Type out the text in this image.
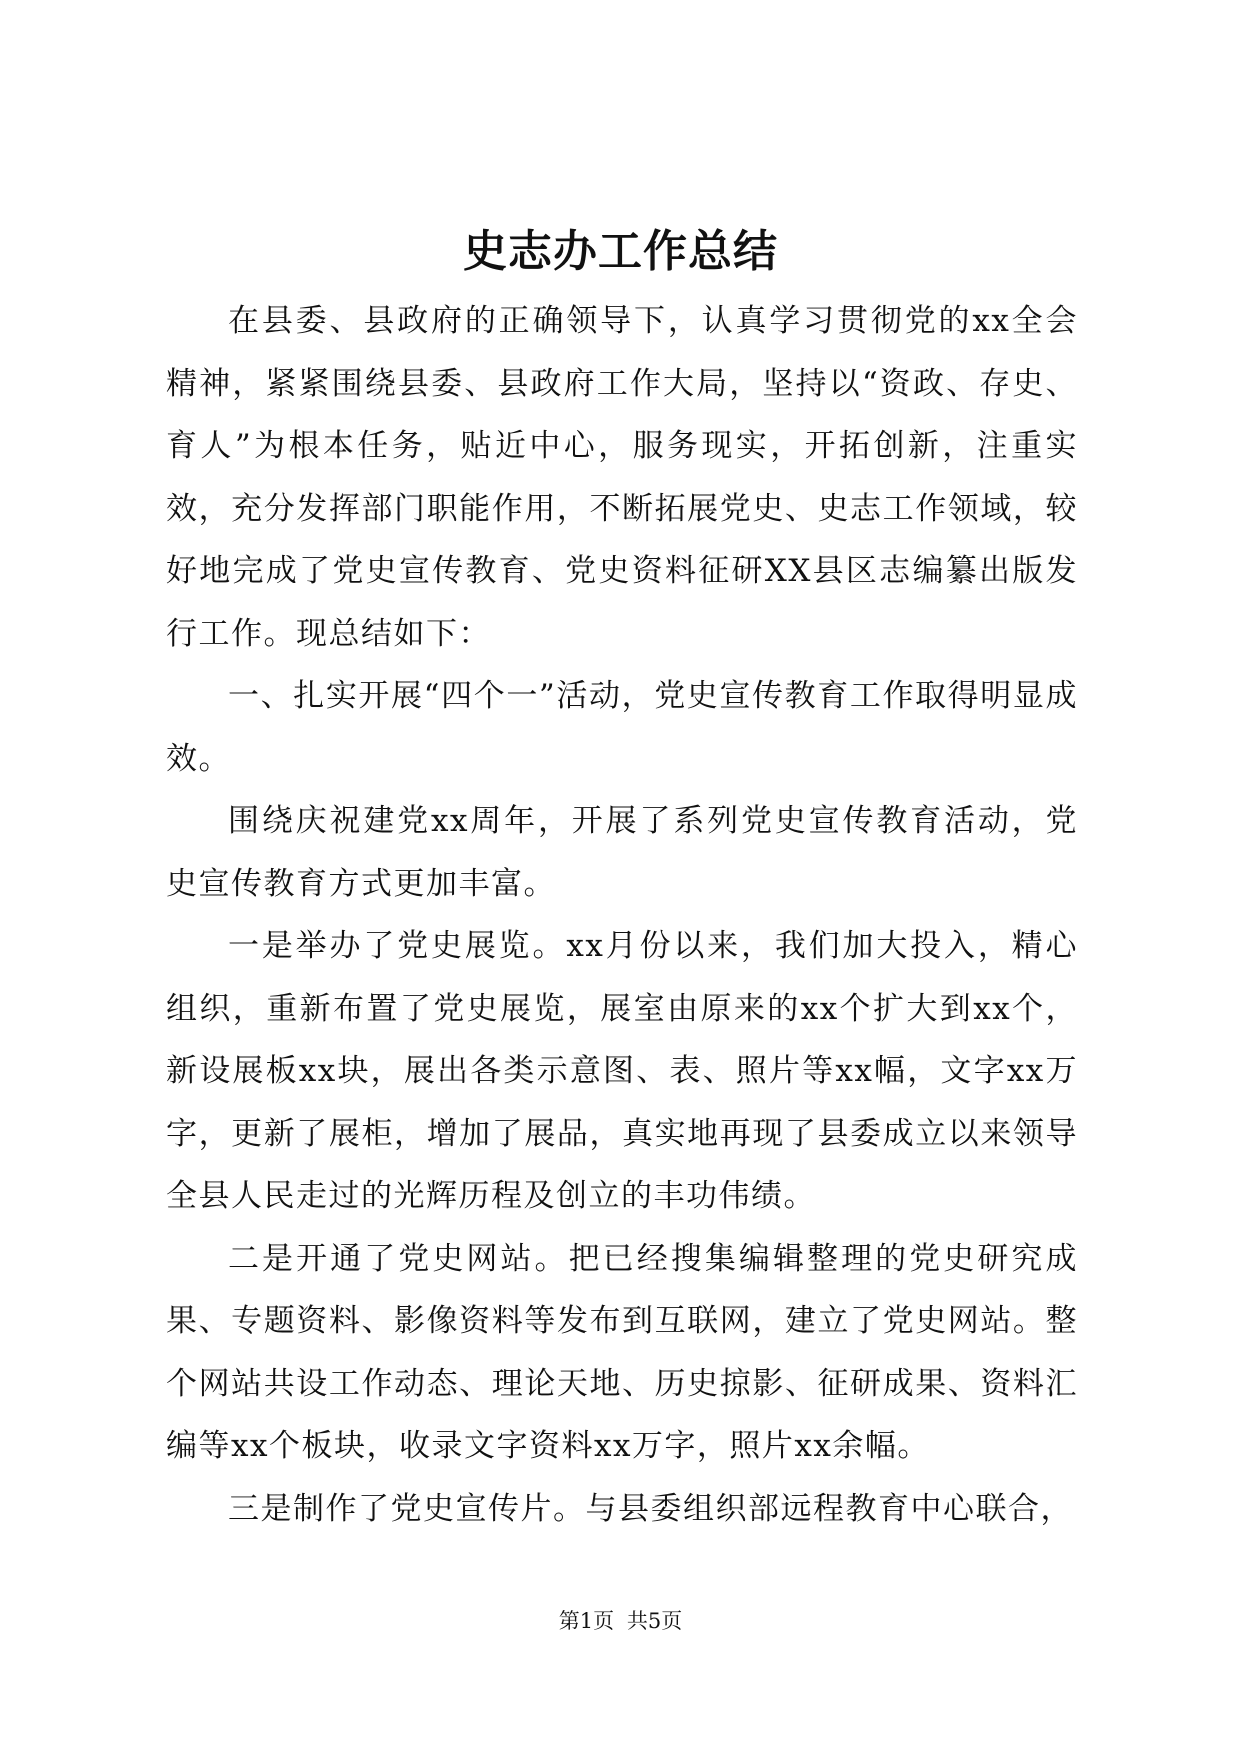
史志办工作总结

在县委、县政府的正确领导下，认真学习贯彻党的xx全会精神，紧紧围绕县委、县政府工作大局，坚持以“资政、存史、育人”为根本任务，贴近中心，服务现实，开拓创新，注重实效，充分发挥部门职能作用，不断拓展党史、史志工作领域，较好地完成了党史宣传教育、党史资料征研XX县区志编纂出版发行工作。现总结如下：

一、扎实开展“四个一”活动，党史宣传教育工作取得明显成效。

围绕庆祝建党xx周年，开展了系列党史宣传教育活动，党史宣传教育方式更加丰富。

一是举办了党史展览。xx月份以来，我们加大投入，精心组织，重新布置了党史展览，展室由原来的xx个扩大到xx个，新设展板xx块，展出各类示意图、表、照片等xx幅，文字xx万字，更新了展柜，增加了展品，真实地再现了县委成立以来领导全县人民走过的光辉历程及创立的丰功伟绩。

二是开通了党史网站。把已经搜集编辑整理的党史研究成果、专题资料、影像资料等发布到互联网，建立了党史网站。整个网站共设工作动态、理论天地、历史掠影、征研成果、资料汇编等xx个板块，收录文字资料xx万字，照片xx余幅。

三是制作了党史宣传片。与县委组织部远程教育中心联合，

第1页 共5页
